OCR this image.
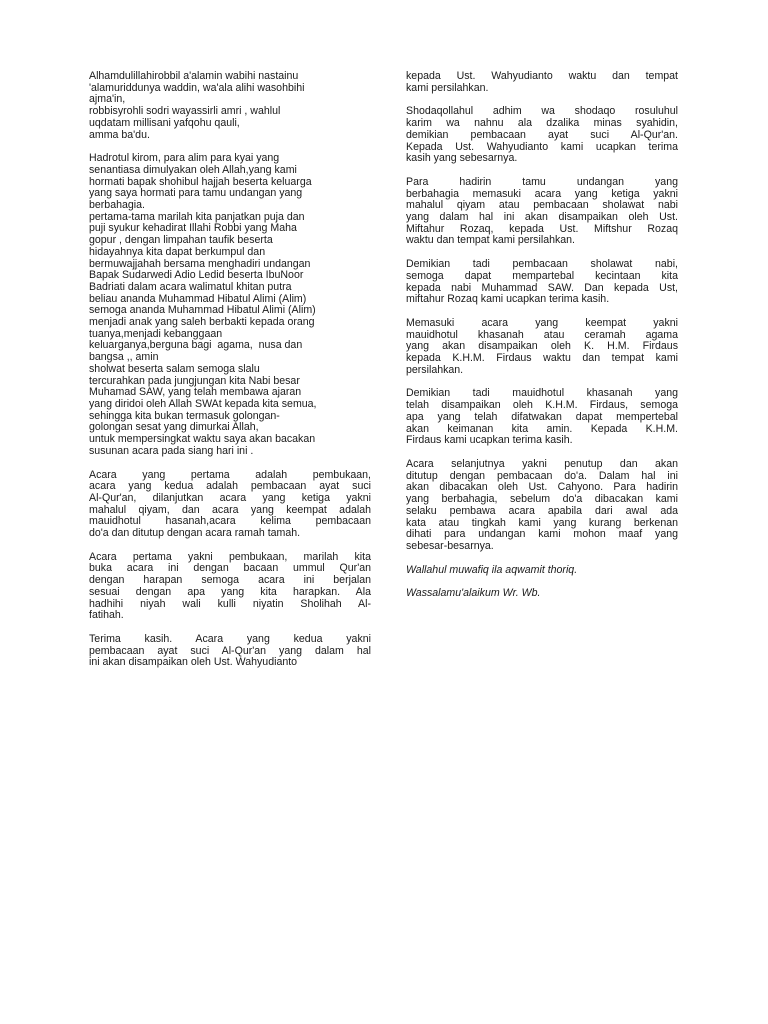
Alhamdulillahirobbil a'alamin wabihi nastainu
'alamuriddunya waddin, wa'ala alihi wasohbihi
ajma'in,
robbisyrohli sodri wayassirli amri , wahlul
uqdatam millisani yafqohu qauli,
amma ba'du.
Hadrotul kirom, para alim para kyai yang
senantiasa dimulyakan oleh Allah,yang kami
hormati bapak shohibul hajjah beserta keluarga
yang saya hormati para tamu undangan yang
berbahagia.
pertama-tama marilah kita panjatkan puja dan
puji syukur kehadirat Illahi Robbi yang Maha
gopur , dengan limpahan taufik beserta
hidayahnya kita dapat berkumpul dan
bermuwajjahah bersama menghadiri undangan
Bapak Sudarwedi Adio Ledid beserta IbuNoor
Badriati dalam acara walimatul khitan putra
beliau ananda Muhammad Hibatul Alimi (Alim)
semoga ananda Muhammad Hibatul Alimi (Alim)
menjadi anak yang saleh berbakti kepada orang
tuanya,menjadi kebanggaan
keluarganya,berguna bagi  agama,  nusa dan
bangsa ,, amin
sholwat beserta salam semoga slalu
tercurahkan pada jungjungan kita Nabi besar
Muhamad SAW, yang telah membawa ajaran
yang diridoi oleh Allah SWAt kepada kita semua,
sehingga kita bukan termasuk golongan-
golongan sesat yang dimurkai Allah,
untuk mempersingkat waktu saya akan bacakan
susunan acara pada siang hari ini .
Acara yang pertama adalah pembukaan,
acara yang kedua adalah pembacaan ayat suci
Al-Qur'an, dilanjutkan acara yang ketiga yakni
mahalul qiyam, dan acara yang keempat adalah
mauidhotul hasanah,acara kelima pembacaan
do'a dan ditutup dengan acara ramah tamah.
Acara pertama yakni pembukaan, marilah kita
buka acara ini dengan bacaan ummul Qur'an
dengan harapan semoga acara ini berjalan
sesuai dengan apa yang kita harapkan. Ala
hadhihi niyah wali kulli niyatin Sholihah Al-
fatihah.
Terima kasih. Acara yang kedua yakni
pembacaan ayat suci Al-Qur'an yang dalam hal
ini akan disampaikan oleh Ust. Wahyudianto
kepada Ust. Wahyudianto waktu dan tempat
kami persilahkan.
Shodaqollahul adhim wa shodaqo rosuluhul
karim wa nahnu ala dzalika minas syahidin,
demikian pembacaan ayat suci Al-Qur'an.
Kepada Ust. Wahyudianto kami ucapkan terima
kasih yang sebesarnya.
Para hadirin tamu undangan yang
berbahagia memasuki acara yang ketiga yakni
mahalul qiyam atau pembacaan sholawat nabi
yang dalam hal ini akan disampaikan oleh Ust.
Miftahur Rozaq, kepada Ust. Miftshur Rozaq
waktu dan tempat kami persilahkan.
Demikian tadi pembacaan sholawat nabi,
semoga dapat mempartebal kecintaan kita
kepada nabi Muhammad SAW. Dan kepada Ust,
miftahur Rozaq kami ucapkan terima kasih.
Memasuki acara yang keempat yakni
mauidhotul khasanah atau ceramah agama
yang akan disampaikan oleh K. H.M. Firdaus
kepada K.H.M. Firdaus waktu dan tempat kami
persilahkan.
Demikian tadi mauidhotul khasanah yang
telah disampaikan oleh K.H.M. Firdaus, semoga
apa yang telah difatwakan dapat mempertebal
akan keimanan kita amin. Kepada K.H.M.
Firdaus kami ucapkan terima kasih.
Acara selanjutnya yakni penutup dan akan
ditutup dengan pembacaan do'a. Dalam hal ini
akan dibacakan oleh Ust. Cahyono. Para hadirin
yang berbahagia, sebelum do'a dibacakan kami
selaku pembawa acara apabila dari awal ada
kata atau tingkah kami yang kurang berkenan
dihati para undangan kami mohon maaf yang
sebesar-besarnya.
Wallahul muwafiq ila aqwamit thoriq.
Wassalamu'alaikum Wr. Wb.
